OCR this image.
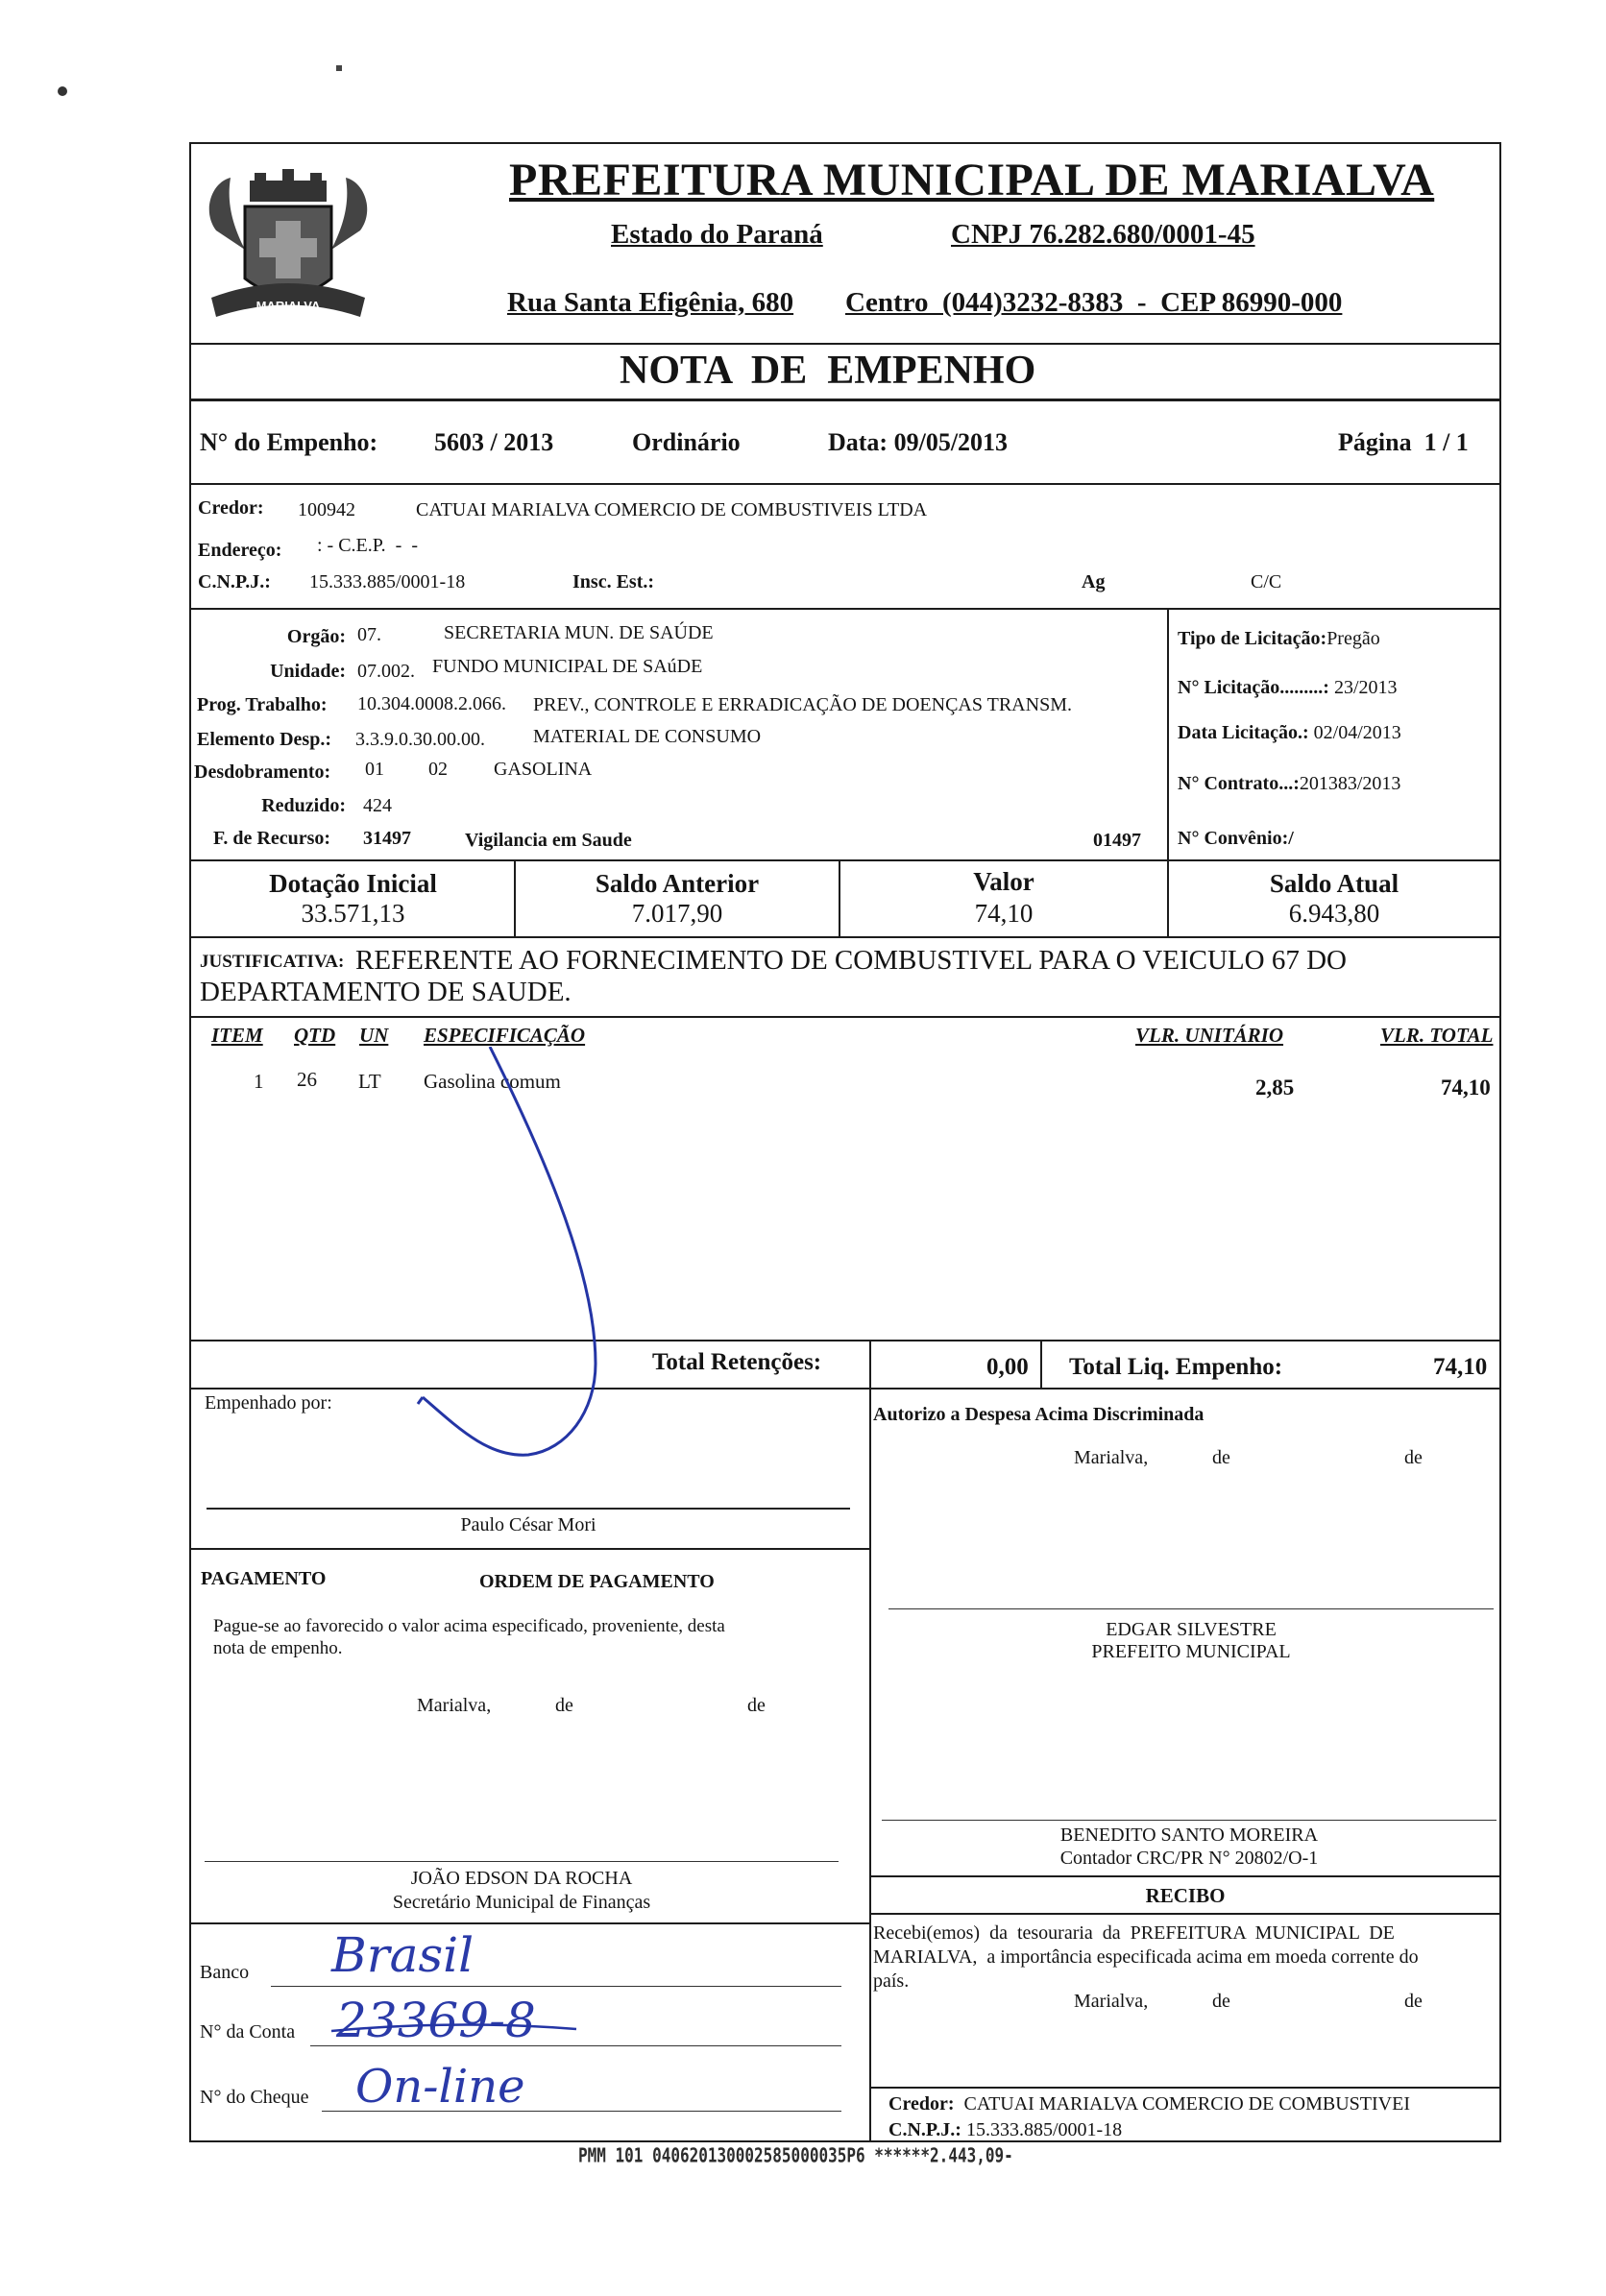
MARIALVA
PREFEITURA MUNICIPAL DE MARIALVA
Estado do Paraná	CNPJ 76.282.680/0001-45
Rua Santa Efigênia, 680 Centro  (044)3232-8383  -  CEP 86990-000
NOTA  DE  EMPENHO
N° do Empenho: 5603 / 2013	Ordinário	Data: 09/05/2013	Página  1 / 1
Credor: 100942	CATUAI MARIALVA COMERCIO DE COMBUSTIVEIS LTDA
Endereço: : - C.E.P.  -  -
C.N.P.J.: 15.333.885/0001-18	Insc. Est.:	Ag	C/C
Orgão: 07.	SECRETARIA MUN. DE SAÚDE
Unidade: 07.002. FUNDO MUNICIPAL DE SAúDE
Prog. Trabalho: 10.304.0008.2.066. PREV., CONTROLE E ERRADICAÇÃO DE DOENÇAS TRANSM.
Elemento Desp.: 3.3.9.0.30.00.00.	MATERIAL DE CONSUMO
Desdobramento: 01 02 GASOLINA
Reduzido: 424
F. de Recurso: 31497	Vigilancia em Saude	01497
Tipo de Licitação:Pregão
N° Licitação.........: 23/2013
Data Licitação.: 02/04/2013
N° Contrato...:201383/2013
N° Convênio:/
Dotação Inicial
33.571,13
Saldo Anterior
7.017,90
Valor
74,10
Saldo Atual
6.943,80
JUSTIFICATIVA: REFERENTE AO FORNECIMENTO DE COMBUSTIVEL PARA O VEICULO 67 DO
DEPARTAMENTO DE SAUDE.
ITEM QTD UN ESPECIFICAÇÃO	VLR. UNITÁRIO	VLR. TOTAL
1 26 LT Gasolina comum	2,85	74,10
Total Retenções:	0,00 Total Liq. Empenho:	74,10
Empenhado por:
Paulo César Mori
Autorizo a Despesa Acima Discriminada
Marialva,	de	de
EDGAR SILVESTRE
PREFEITO MUNICIPAL
PAGAMENTO	ORDEM DE PAGAMENTO
Pague-se ao favorecido o valor acima especificado, proveniente, desta
nota de empenho.
Marialva,	de	de
JOÃO EDSON DA ROCHA
Secretário Municipal de Finanças
BENEDITO SANTO MOREIRA
Contador CRC/PR N° 20802/O-1
RECIBO
Recebi(emos)  da  tesouraria  da  PREFEITURA  MUNICIPAL  DE
MARIALVA,  a importância especificada acima em moeda corrente do
país.
Marialva,	de	de
Banco Brasil
N° da Conta 23369-8
N° do Cheque On-line	Credor: CATUAI MARIALVA COMERCIO DE COMBUSTIVEI
C.N.P.J.: 15.333.885/0001-18
PMM 101 040620130002585000035P6 ******2.443,09-
